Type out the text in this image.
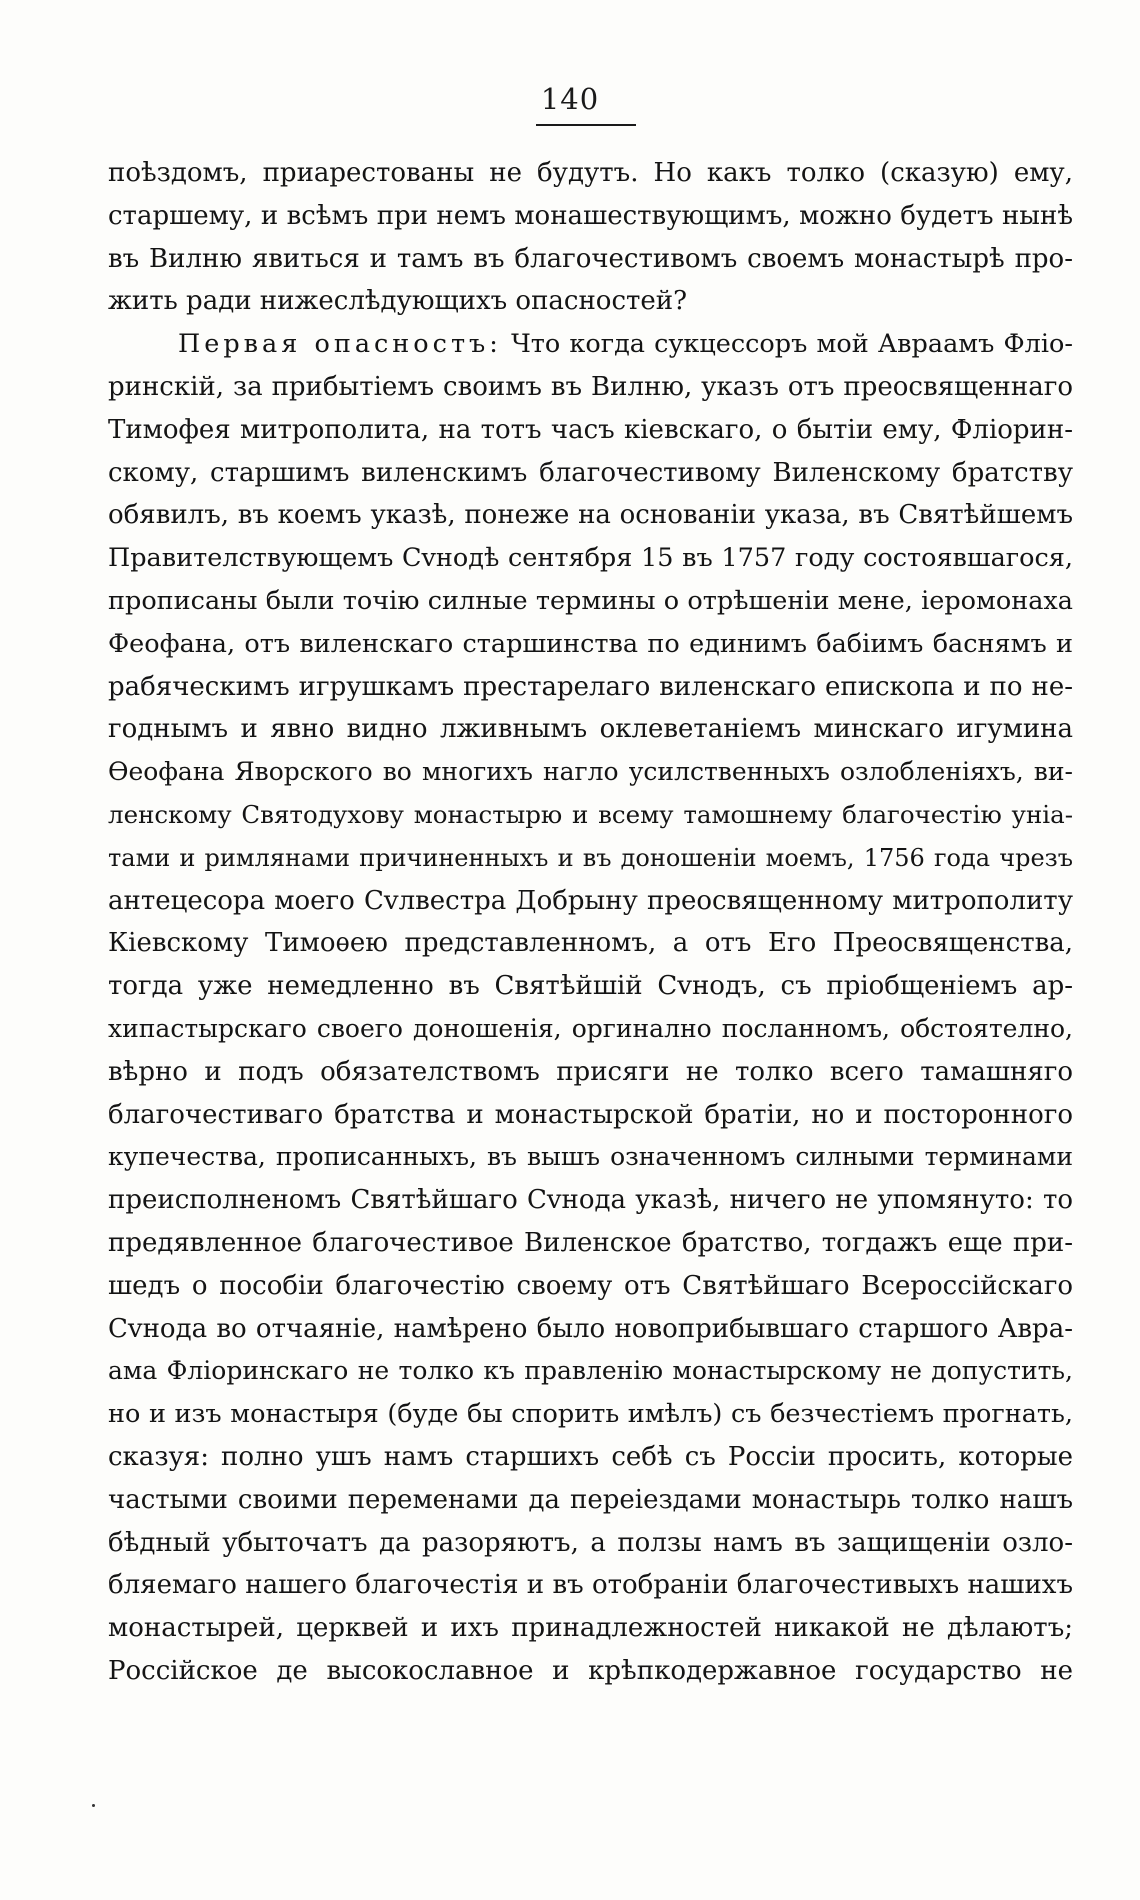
140
поѣздомъ, приарестованы не будутъ. Но какъ толко (сказую) ему,
старшему, и всѣмъ при немъ монашествующимъ, можно будетъ нынѣ
въ Вилню явиться и тамъ въ благочестивомъ своемъ монастырѣ про-
жить ради нижеслѣдующихъ опасностей?
Первая опасностъ: Что когда сукцессоръ мой Авраамъ Фліо-
ринскій, за прибытіемъ своимъ въ Вилню, указъ отъ преосвященнаго
Тимофея митрополита, на тотъ часъ кіевскаго, о бытіи ему, Фліорин-
скому, старшимъ виленскимъ благочестивому Виленскому братству
обявилъ, въ коемъ указѣ, понеже на основаніи указа, въ Святѣйшемъ
Правителствующемъ Сvнодѣ сентября 15 въ 1757 году состоявшагося,
прописаны были точію силные термины о отрѣшеніи мене, іеромонаха
Феофана, отъ виленскаго старшинства по единимъ бабіимъ баснямъ и
рабяческимъ игрушкамъ престарелаго виленскаго епископа и по не-
годнымъ и явно видно лживнымъ оклеветаніемъ минскаго игумина
Ѳеофана Яворского во многихъ нагло усилственныхъ озлобленіяхъ, ви-
ленскому Святодухову монастырю и всему тамошнему благочестію уніа-
тами и римлянами причиненныхъ и въ доношеніи моемъ, 1756 года чрезъ
антецесора моего Сvлвестра Добрыну преосвященному митрополиту
Кіевскому Тимоѳею представленномъ, а отъ Его Преосвященства,
тогда уже немедленно въ Святѣйшій Сvнодъ, съ пріобщеніемъ ар-
хипастырскаго своего доношенія, оргинално посланномъ, обстоятелно,
вѣрно и подъ обязателствомъ присяги не толко всего тамашняго
благочестиваго братства и монастырской братіи, но и посторонного
купечества, прописанныхъ, въ вышъ означенномъ силными терминами
преисполненомъ Святѣйшаго Сvнода указѣ, ничего не упомянуто: то
предявленное благочестивое Виленское братство, тогдажъ еще при-
шедъ о пособіи благочестію своему отъ Святѣйшаго Всероссійскаго
Сvнода во отчаяніе, намѣрено было новоприбывшаго старшого Авра-
ама Фліоринскаго не толко къ правленію монастырскому не допустить,
но и изъ монастыря (буде бы спорить имѣлъ) съ безчестіемъ прогнать,
сказуя: полно ушъ намъ старшихъ себѣ съ Россіи просить, которые
частыми своими переменами да переіездами монастырь толко нашъ
бѣдный убыточатъ да разоряютъ, а ползы намъ въ защищеніи озло-
бляемаго нашего благочестія и въ отобраніи благочестивыхъ нашихъ
монастырей, церквей и ихъ принадлежностей никакой не дѣлаютъ;
Россійское де высокославное и крѣпкодержавное государство не
